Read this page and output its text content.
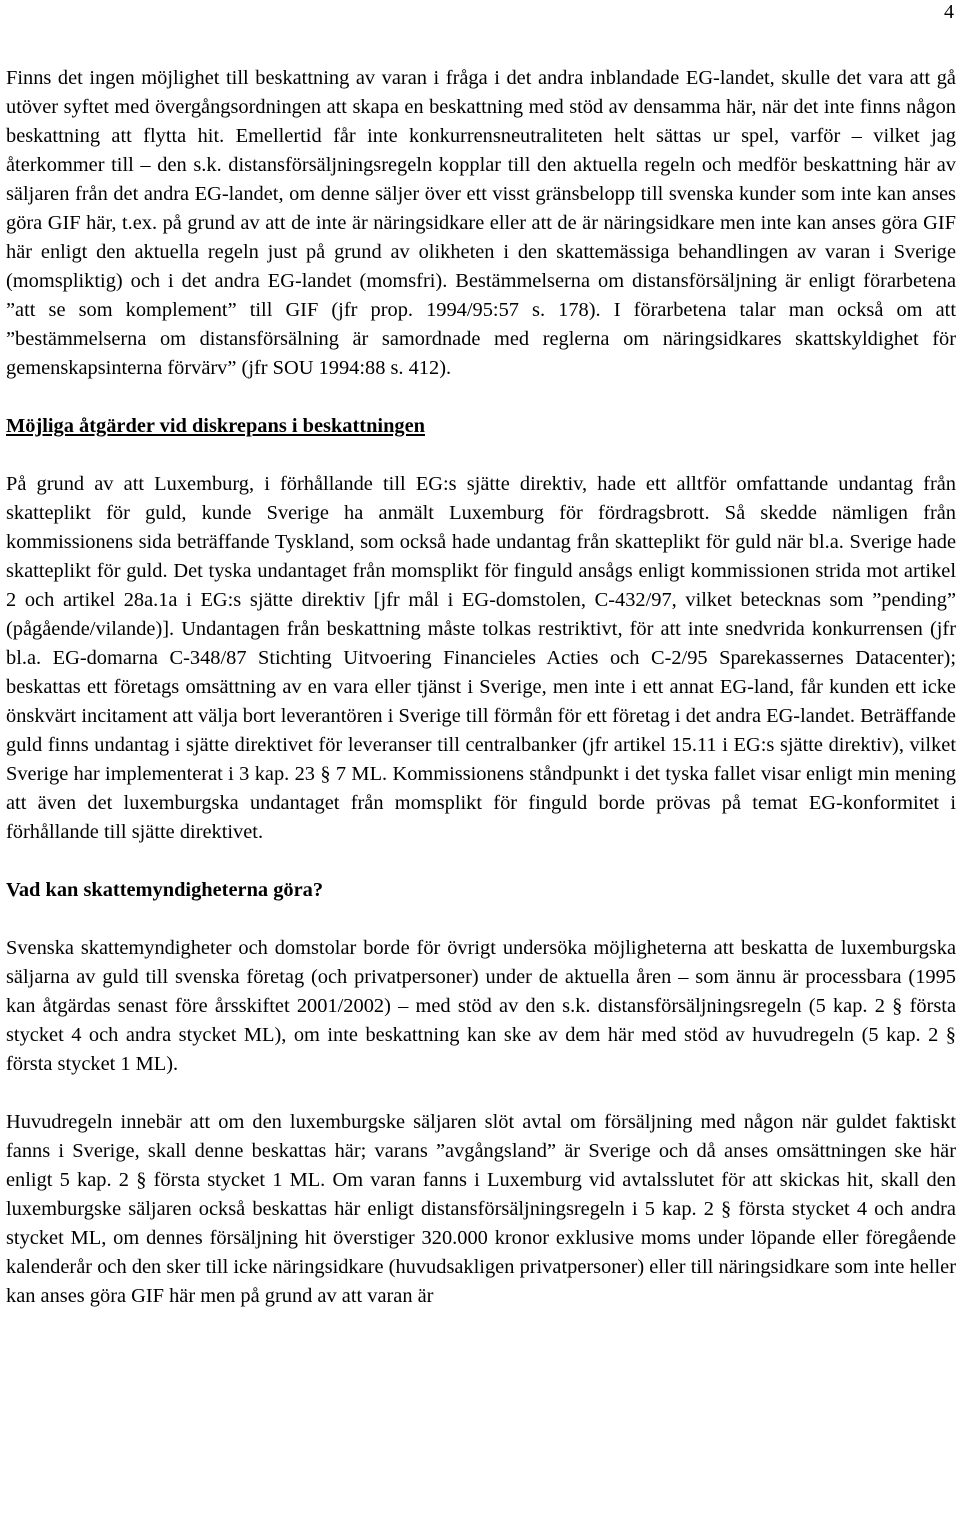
4

Finns det ingen möjlighet till beskattning av varan i fråga i det andra inblandade EG-landet, skulle det vara att gå utöver syftet med övergångsordningen att skapa en beskattning med stöd av densamma här, när det inte finns någon beskattning att flytta hit. Emellertid får inte konkurrensneutraliteten helt sättas ur spel, varför – vilket jag återkommer till – den s.k. distansförsäljningsregeln kopplar till den aktuella regeln och medför beskattning här av säljaren från det andra EG-landet, om denne säljer över ett visst gränsbelopp till svenska kunder som inte kan anses göra GIF här, t.ex. på grund av att de inte är näringsidkare eller att de är näringsidkare men inte kan anses göra GIF här enligt den aktuella regeln just på grund av olikheten i den skattemässiga behandlingen av varan i Sverige (momspliktig) och i det andra EG-landet (momsfri). Bestämmelserna om distansförsäljning är enligt förarbetena ”att se som komplement” till GIF (jfr prop. 1994/95:57 s. 178). I förarbetena talar man också om att ”bestämmelserna om distansförsälning är samordnade med reglerna om näringsidkares skattskyldighet för gemenskapsinterna förvärv” (jfr SOU 1994:88 s. 412).

Möjliga åtgärder vid diskrepans i beskattningen

På grund av att Luxemburg, i förhållande till EG:s sjätte direktiv, hade ett alltför omfattande undantag från skatteplikt för guld, kunde Sverige ha anmält Luxemburg för fördragsbrott. Så skedde nämligen från kommissionens sida beträffande Tyskland, som också hade undantag från skatteplikt för guld när bl.a. Sverige hade skatteplikt för guld. Det tyska undantaget från momsplikt för finguld ansågs enligt kommissionen strida mot artikel 2 och artikel 28a.1a i EG:s sjätte direktiv [jfr mål i EG-domstolen, C-432/97, vilket betecknas som ”pending” (pågående/vilande)]. Undantagen från beskattning måste tolkas restriktivt, för att inte snedvrida konkurrensen (jfr bl.a. EG-domarna C-348/87 Stichting Uitvoering Financieles Acties och C-2/95 Sparekassernes Datacenter); beskattas ett företags omsättning av en vara eller tjänst i Sverige, men inte i ett annat EG-land, får kunden ett icke önskvärt incitament att välja bort leverantören i Sverige till förmån för ett företag i det andra EG-landet. Beträffande guld finns undantag i sjätte direktivet för leveranser till centralbanker (jfr artikel 15.11 i EG:s sjätte direktiv), vilket Sverige har implementerat i 3 kap. 23 § 7 ML. Kommissionens ståndpunkt i det tyska fallet visar enligt min mening att även det luxemburgska undantaget från momsplikt för finguld borde prövas på temat EG-konformitet i förhållande till sjätte direktivet.

Vad kan skattemyndigheterna göra?

Svenska skattemyndigheter och domstolar borde för övrigt undersöka möjligheterna att beskatta de luxemburgska säljarna av guld till svenska företag (och privatpersoner) under de aktuella åren – som ännu är processbara (1995 kan åtgärdas senast före årsskiftet 2001/2002) – med stöd av den s.k. distansförsäljningsregeln (5 kap. 2 § första stycket 4 och andra stycket ML), om inte beskattning kan ske av dem här med stöd av huvudregeln (5 kap. 2 § första stycket 1 ML).

Huvudregeln innebär att om den luxemburgske säljaren slöt avtal om försäljning med någon när guldet faktiskt fanns i Sverige, skall denne beskattas här; varans ”avgångsland” är Sverige och då anses omsättningen ske här enligt 5 kap. 2 § första stycket 1 ML. Om varan fanns i Luxemburg vid avtalsslutet för att skickas hit, skall den luxemburgske säljaren också beskattas här enligt distansförsäljningsregeln i 5 kap. 2 § första stycket 4 och andra stycket ML, om dennes försäljning hit överstiger 320.000 kronor exklusive moms under löpande eller föregående kalenderår och den sker till icke näringsidkare (huvudsakligen privatpersoner) eller till näringsidkare som inte heller kan anses göra GIF här men på grund av att varan är
